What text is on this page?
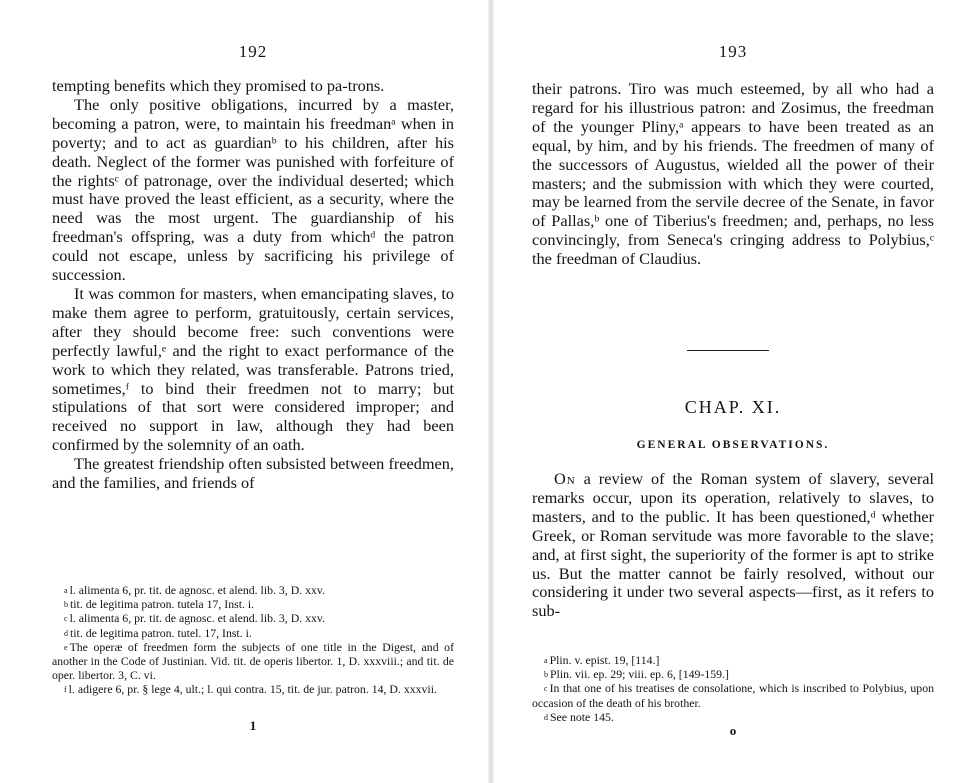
192

tempting benefits which they promised to pa-trons.

The only positive obligations, incurred by a master, becoming a patron, were, to maintain his freedmanᵃ when in poverty; and to act as guardianᵇ to his children, after his death. Neglect of the former was punished with forfeiture of the rightsᶜ of patronage, over the individual deserted; which must have proved the least efficient, as a security, where the need was the most urgent. The guardianship of his freedman's offspring, was a duty from whichᵈ the patron could not escape, unless by sacrificing his privilege of succession.

It was common for masters, when emancipating slaves, to make them agree to perform, gratuitously, certain services, after they should become free: such conventions were perfectly lawful,ᵉ and the right to exact performance of the work to which they related, was transferable. Patrons tried, sometimes,ᶠ to bind their freedmen not to marry; but stipulations of that sort were considered improper; and received no support in law, although they had been confirmed by the solemnity of an oath.

The greatest friendship often subsisted between freedmen, and the families, and friends of

$^a$ l. alimenta 6, pr. tit. de agnosc. et alend. lib. 3, D. xxv.

$^b$ tit. de legitima patron. tutela 17, Inst. i.

$^c$ l. alimenta 6, pr. tit. de agnosc. et alend. lib. 3, D. xxv.

$^d$ tit. de legitima patron. tutel. 17, Inst. i.

$^e$ The operæ of freedmen form the subjects of one title in the Digest, and of another in the Code of Justinian. Vid. tit. de operis libertor. 1, D. xxxviii.; and tit. de oper. libertor. 3, C. vi.

$^f$ l. adigere 6, pr. § lege 4, ult.; l. qui contra. 15, tit. de jur. patron. 14, D. xxxvii.

1
193

their patrons. Tiro was much esteemed, by all who had a regard for his illustrious patron: and Zosimus, the freedman of the younger Pliny,ᵃ appears to have been treated as an equal, by him, and by his friends. The freedmen of many of the successors of Augustus, wielded all the power of their masters; and the submission with which they were courted, may be learned from the servile decree of the Senate, in favor of Pallas,ᵇ one of Tiberius's freedmen; and, perhaps, no less convincingly, from Seneca's cringing address to Polybius,ᶜ the freedman of Claudius.

CHAP. XI.
GENERAL OBSERVATIONS.

On a review of the Roman system of slavery, several remarks occur, upon its operation, relatively to slaves, to masters, and to the public. It has been questioned,ᵈ whether Greek, or Roman servitude was more favorable to the slave; and, at first sight, the superiority of the former is apt to strike us. But the matter cannot be fairly resolved, without our considering it under two several aspects—first, as it refers to sub-

$^a$ Plin. v. epist. 19, [114.]

$^b$ Plin. vii. ep. 29; viii. ep. 6, [149-159.]

$^c$ In that one of his treatises de consolatione, which is inscribed to Polybius, upon occasion of the death of his brother.

$^d$ See note 145.

o
